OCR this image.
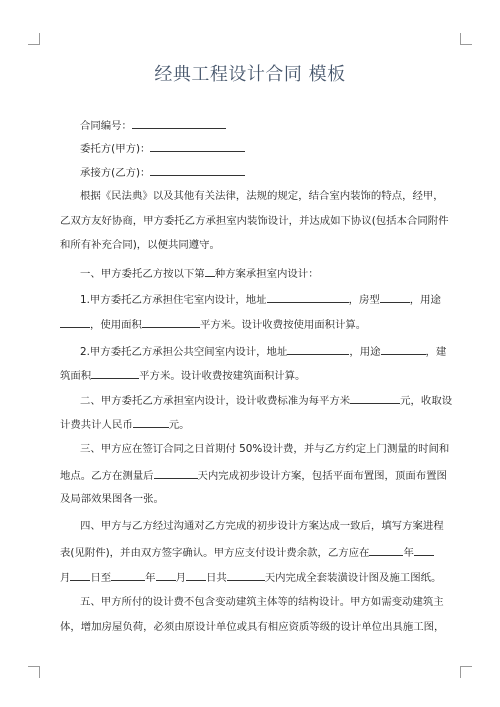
经典工程设计合同 模板
合同编号：
委托方(甲方)：
承接方(乙方)：
根据《民法典》以及其他有关法律，法规的规定，结合室内装饰的特点，经甲，
乙双方友好协商，甲方委托乙方承担室内装饰设计，并达成如下协议(包括本合同附件
和所有补充合同)，以便共同遵守。
一、甲方委托乙方按以下第 种方案承担室内设计：
1.甲方委托乙方承担住宅室内设计，地址	，房型	，用途
，使用面积	平方米。设计收费按使用面积计算。
2.甲方委托乙方承担公共空间室内设计，地址	，用途	，建
筑面积	平方米。设计收费按建筑面积计算。
二、甲方委托乙方承担室内设计，设计收费标准为每平方米	元，收取设
计费共计人民币	元。
三、甲方应在签订合同之日首期付 50%设计费，并与乙方约定上门测量的时间和
地点。乙方在测量后	天内完成初步设计方案，包括平面布置图，顶面布置图
及局部效果图各一张。
四、甲方与乙方经过沟通对乙方完成的初步设计方案达成一致后，填写方案进程
表(见附件)，并由双方签字确认。甲方应支付设计费余款，乙方应在	年
月 日至	年 月 日共	天内完成全套装潢设计图及施工图纸。
五、甲方所付的设计费不包含变动建筑主体等的结构设计。甲方如需变动建筑主
体，增加房屋负荷，必须由原设计单位或具有相应资质等级的设计单位出具施工图，
